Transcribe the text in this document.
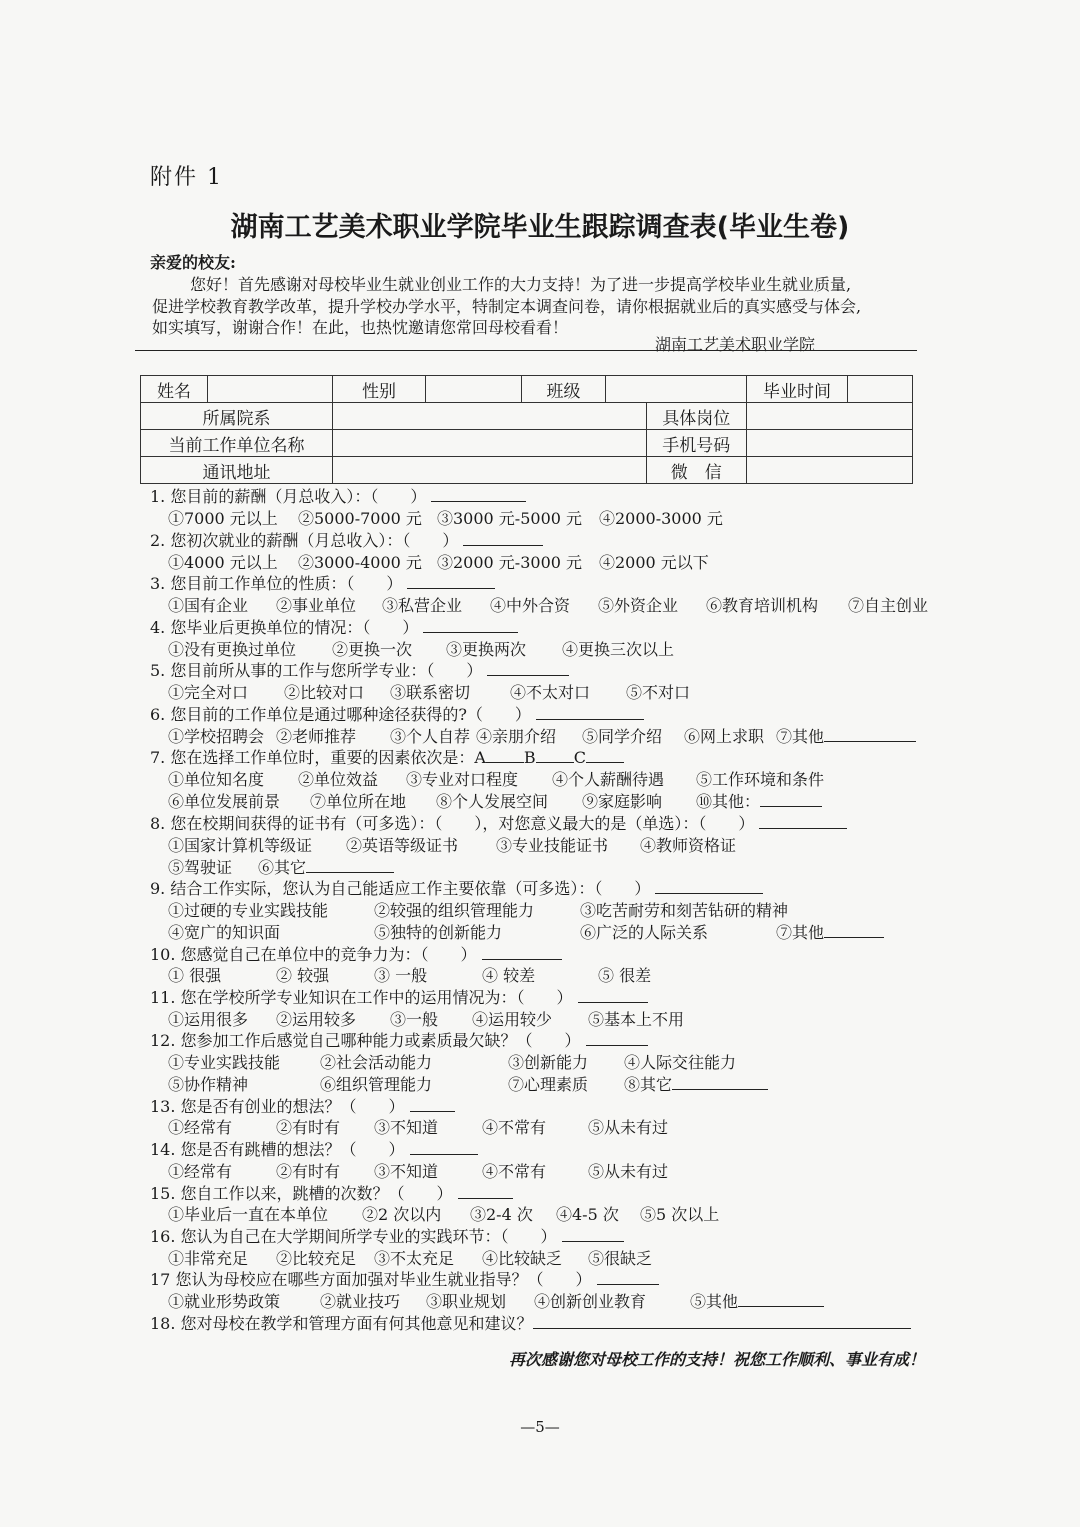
附件 1
湖南工艺美术职业学院毕业生跟踪调查表(毕业生卷)
亲爱的校友:
您好！首先感谢对母校毕业生就业创业工作的大力支持！为了进一步提高学校毕业生就业质量,
促进学校教育教学改革，提升学校办学水平，特制定本调查问卷，请你根据就业后的真实感受与体会,
如实填写，谢谢合作！在此，也热忱邀请您常回母校看看！
湖南工艺美术职业学院
姓名		性别		班级			毕业时间	
所属院系						具体岗位		
当前工作单位名称						手机号码		
通讯地址						微　信		
1. 您目前的薪酬（月总收入）：（　　）
①7000 元以上 ②5000-7000 元 ③3000 元-5000 元 ④2000-3000 元
2. 您初次就业的薪酬（月总收入）：（　　）
①4000 元以上 ②3000-4000 元 ③2000 元-3000 元 ④2000 元以下
3. 您目前工作单位的性质：（　　）
①国有企业 ②事业单位 ③私营企业 ④中外合资 ⑤外资企业 ⑥教育培训机构 ⑦自主创业
4. 您毕业后更换单位的情况：（　　）
①没有更换过单位 ②更换一次 ③更换两次 ④更换三次以上
5. 您目前所从事的工作与您所学专业：（　　）
①完全对口 ②比较对口 ③联系密切 ④不太对口 ⑤不对口
6. 您目前的工作单位是通过哪种途径获得的?（　　）
①学校招聘会 ②老师推荐 ③个人自荐 ④亲朋介绍 ⑤同学介绍 ⑥网上求职 ⑦其他
7. 您在选择工作单位时，重要的因素依次是：A B C
①单位知名度 ②单位效益 ③专业对口程度 ④个人薪酬待遇 ⑤工作环境和条件
⑥单位发展前景 ⑦单位所在地 ⑧个人发展空间 ⑨家庭影响 ⑩其他：
8. 您在校期间获得的证书有（可多选）：（　　），对您意义最大的是（单选）：（　　）
①国家计算机等级证 ②英语等级证书 ③专业技能证书 ④教师资格证
⑤驾驶证 ⑥其它
9. 结合工作实际，您认为自己能适应工作主要依靠（可多选）：（　　）
①过硬的专业实践技能	②较强的组织管理能力	③吃苦耐劳和刻苦钻研的精神
④宽广的知识面	⑤独特的创新能力	⑥广泛的人际关系	⑦其他
10. 您感觉自己在单位中的竞争力为：（　　）
① 很强	② 较强	③ 一般	④ 较差	⑤ 很差
11. 您在学校所学专业知识在工作中的运用情况为：（　　）
①运用很多 ②运用较多 ③一般 ④运用较少 ⑤基本上不用
12. 您参加工作后感觉自己哪种能力或素质最欠缺？（　　）
①专业实践技能 ②社会活动能力	③创新能力 ④人际交往能力
⑤协作精神	⑥组织管理能力	⑦心理素质 ⑧其它
13. 您是否有创业的想法？（　　）
①经常有	②有时有 ③不知道	④不常有	⑤从未有过
14. 您是否有跳槽的想法？（　　）
①经常有	②有时有 ③不知道	④不常有	⑤从未有过
15. 您自工作以来，跳槽的次数？（　　）
①毕业后一直在本单位 ②2 次以内 ③2-4 次 ④4-5 次 ⑤5 次以上
16. 您认为自己在大学期间所学专业的实践环节：（　　）
①非常充足 ②比较充足 ③不太充足 ④比较缺乏 ⑤很缺乏
17 您认为母校应在哪些方面加强对毕业生就业指导？（　　）
①就业形势政策 ②就业技巧 ③职业规划 ④创新创业教育	⑤其他
18. 您对母校在教学和管理方面有何其他意见和建议？
再次感谢您对母校工作的支持！祝您工作顺利、事业有成！
—5—
